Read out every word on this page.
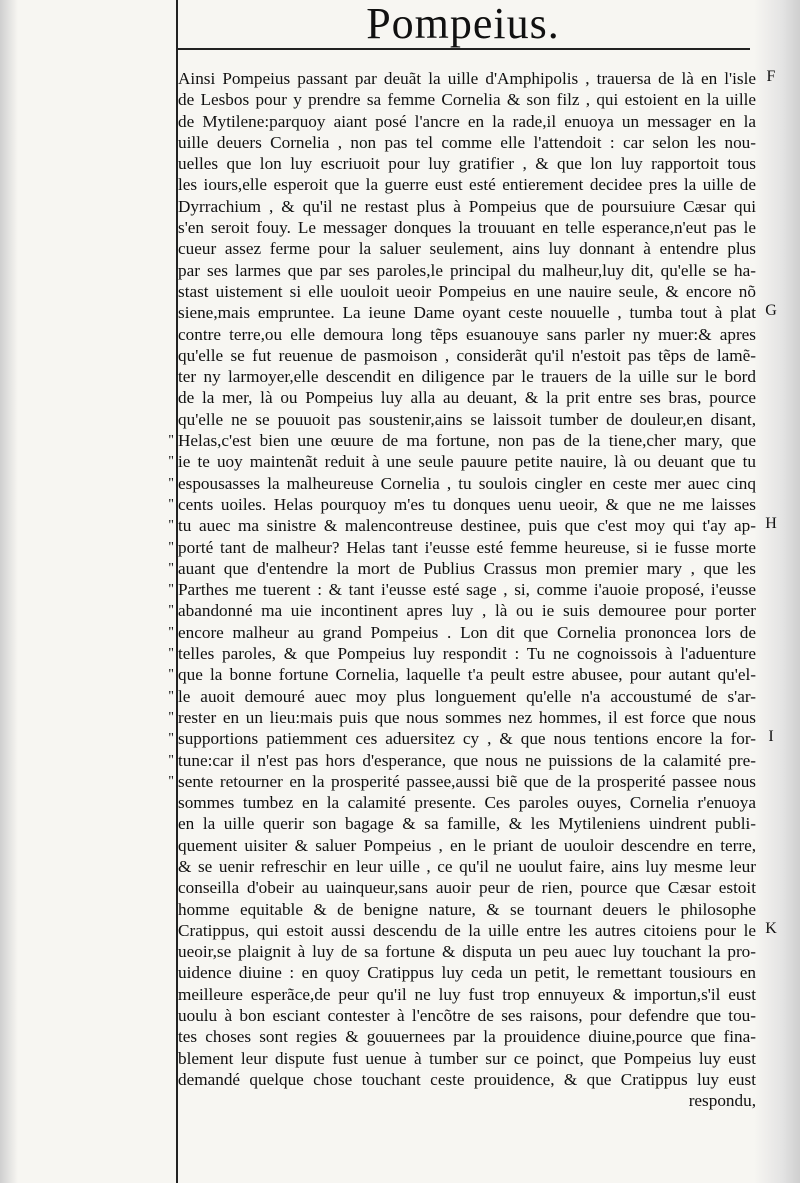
Pompeius.
"
"
"
"
"
"
"
"
"
"
"
"
"
"
"
"
"
Ainsi Pompeius passant par deuãt la uille d'Amphipolis , trauersa de là en l'isle
de Lesbos pour y prendre sa femme Cornelia & son filz , qui estoient en la uille
de Mytilene:parquoy aiant posé l'ancre en la rade,il enuoya un messager en la
uille deuers Cornelia , non pas tel comme elle l'attendoit : car selon les nou-
uelles que lon luy escriuoit pour luy gratifier , & que lon luy rapportoit tous
les iours,elle esperoit que la guerre eust esté entierement decidee pres la uille de
Dyrrachium , & qu'il ne restast plus à Pompeius que de poursuiure Cæsar qui
s'en seroit fouy. Le messager donques la trouuant en telle esperance,n'eut pas le
cueur assez ferme pour la saluer seulement, ains luy donnant à entendre plus
par ses larmes que par ses paroles,le principal du malheur,luy dit, qu'elle se ha-
stast uistement si elle uouloit ueoir Pompeius en une nauire seule, & encore nõ
siene,mais empruntee. La ieune Dame oyant ceste nouuelle , tumba tout à plat
contre terre,ou elle demoura long tẽps esuanouye sans parler ny muer:& apres
qu'elle se fut reuenue de pasmoison , considerãt qu'il n'estoit pas tẽps de lamẽ-
ter ny larmoyer,elle descendit en diligence par le trauers de la uille sur le bord
de la mer, là ou Pompeius luy alla au deuant, & la prit entre ses bras, pource
qu'elle ne se pouuoit pas soustenir,ains se laissoit tumber de douleur,en disant,
Helas,c'est bien une œuure de ma fortune, non pas de la tiene,cher mary, que
ie te uoy maintenãt reduit à une seule pauure petite nauire, là ou deuant que tu
espousasses la malheureuse Cornelia , tu soulois cingler en ceste mer auec cinq
cents uoiles. Helas pourquoy m'es tu donques uenu ueoir, & que ne me laisses
tu auec ma sinistre & malencontreuse destinee, puis que c'est moy qui t'ay ap-
porté tant de malheur? Helas tant i'eusse esté femme heureuse, si ie fusse morte
auant que d'entendre la mort de Publius Crassus mon premier mary , que les
Parthes me tuerent : & tant i'eusse esté sage , si, comme i'auoie proposé, i'eusse
abandonné ma uie incontinent apres luy , là ou ie suis demouree pour porter
encore malheur au grand Pompeius . Lon dit que Cornelia prononcea lors de
telles paroles, & que Pompeius luy respondit : Tu ne cognoissois à l'aduenture
que la bonne fortune Cornelia, laquelle t'a peult estre abusee, pour autant qu'el-
le auoit demouré auec moy plus longuement qu'elle n'a accoustumé de s'ar-
rester en un lieu:mais puis que nous sommes nez hommes, il est force que nous
supportions patiemment ces aduersitez cy , & que nous tentions encore la for-
tune:car il n'est pas hors d'esperance, que nous ne puissions de la calamité pre-
sente retourner en la prosperité passee,aussi biẽ que de la prosperité passee nous
sommes tumbez en la calamité presente. Ces paroles ouyes, Cornelia r'enuoya
en la uille querir son bagage & sa famille, & les Mytileniens uindrent publi-
quement uisiter & saluer Pompeius , en le priant de uouloir descendre en terre,
& se uenir refreschir en leur uille , ce qu'il ne uoulut faire, ains luy mesme leur
conseilla d'obeir au uainqueur,sans auoir peur de rien, pource que Cæsar estoit
homme equitable & de benigne nature, & se tournant deuers le philosophe
Cratippus, qui estoit aussi descendu de la uille entre les autres citoiens pour le
ueoir,se plaignit à luy de sa fortune & disputa un peu auec luy touchant la pro-
uidence diuine : en quoy Cratippus luy ceda un petit, le remettant tousiours en
meilleure esperãce,de peur qu'il ne luy fust trop ennuyeux & importun,s'il eust
uoulu à bon esciant contester à l'encõtre de ses raisons, pour defendre que tou-
tes choses sont regies & gouuernees par la prouidence diuine,pource que fina-
blement leur dispute fust uenue à tumber sur ce poinct, que Pompeius luy eust
demandé quelque chose touchant ceste prouidence, & que Cratippus luy eust
respondu,
F
G
H
I
K
